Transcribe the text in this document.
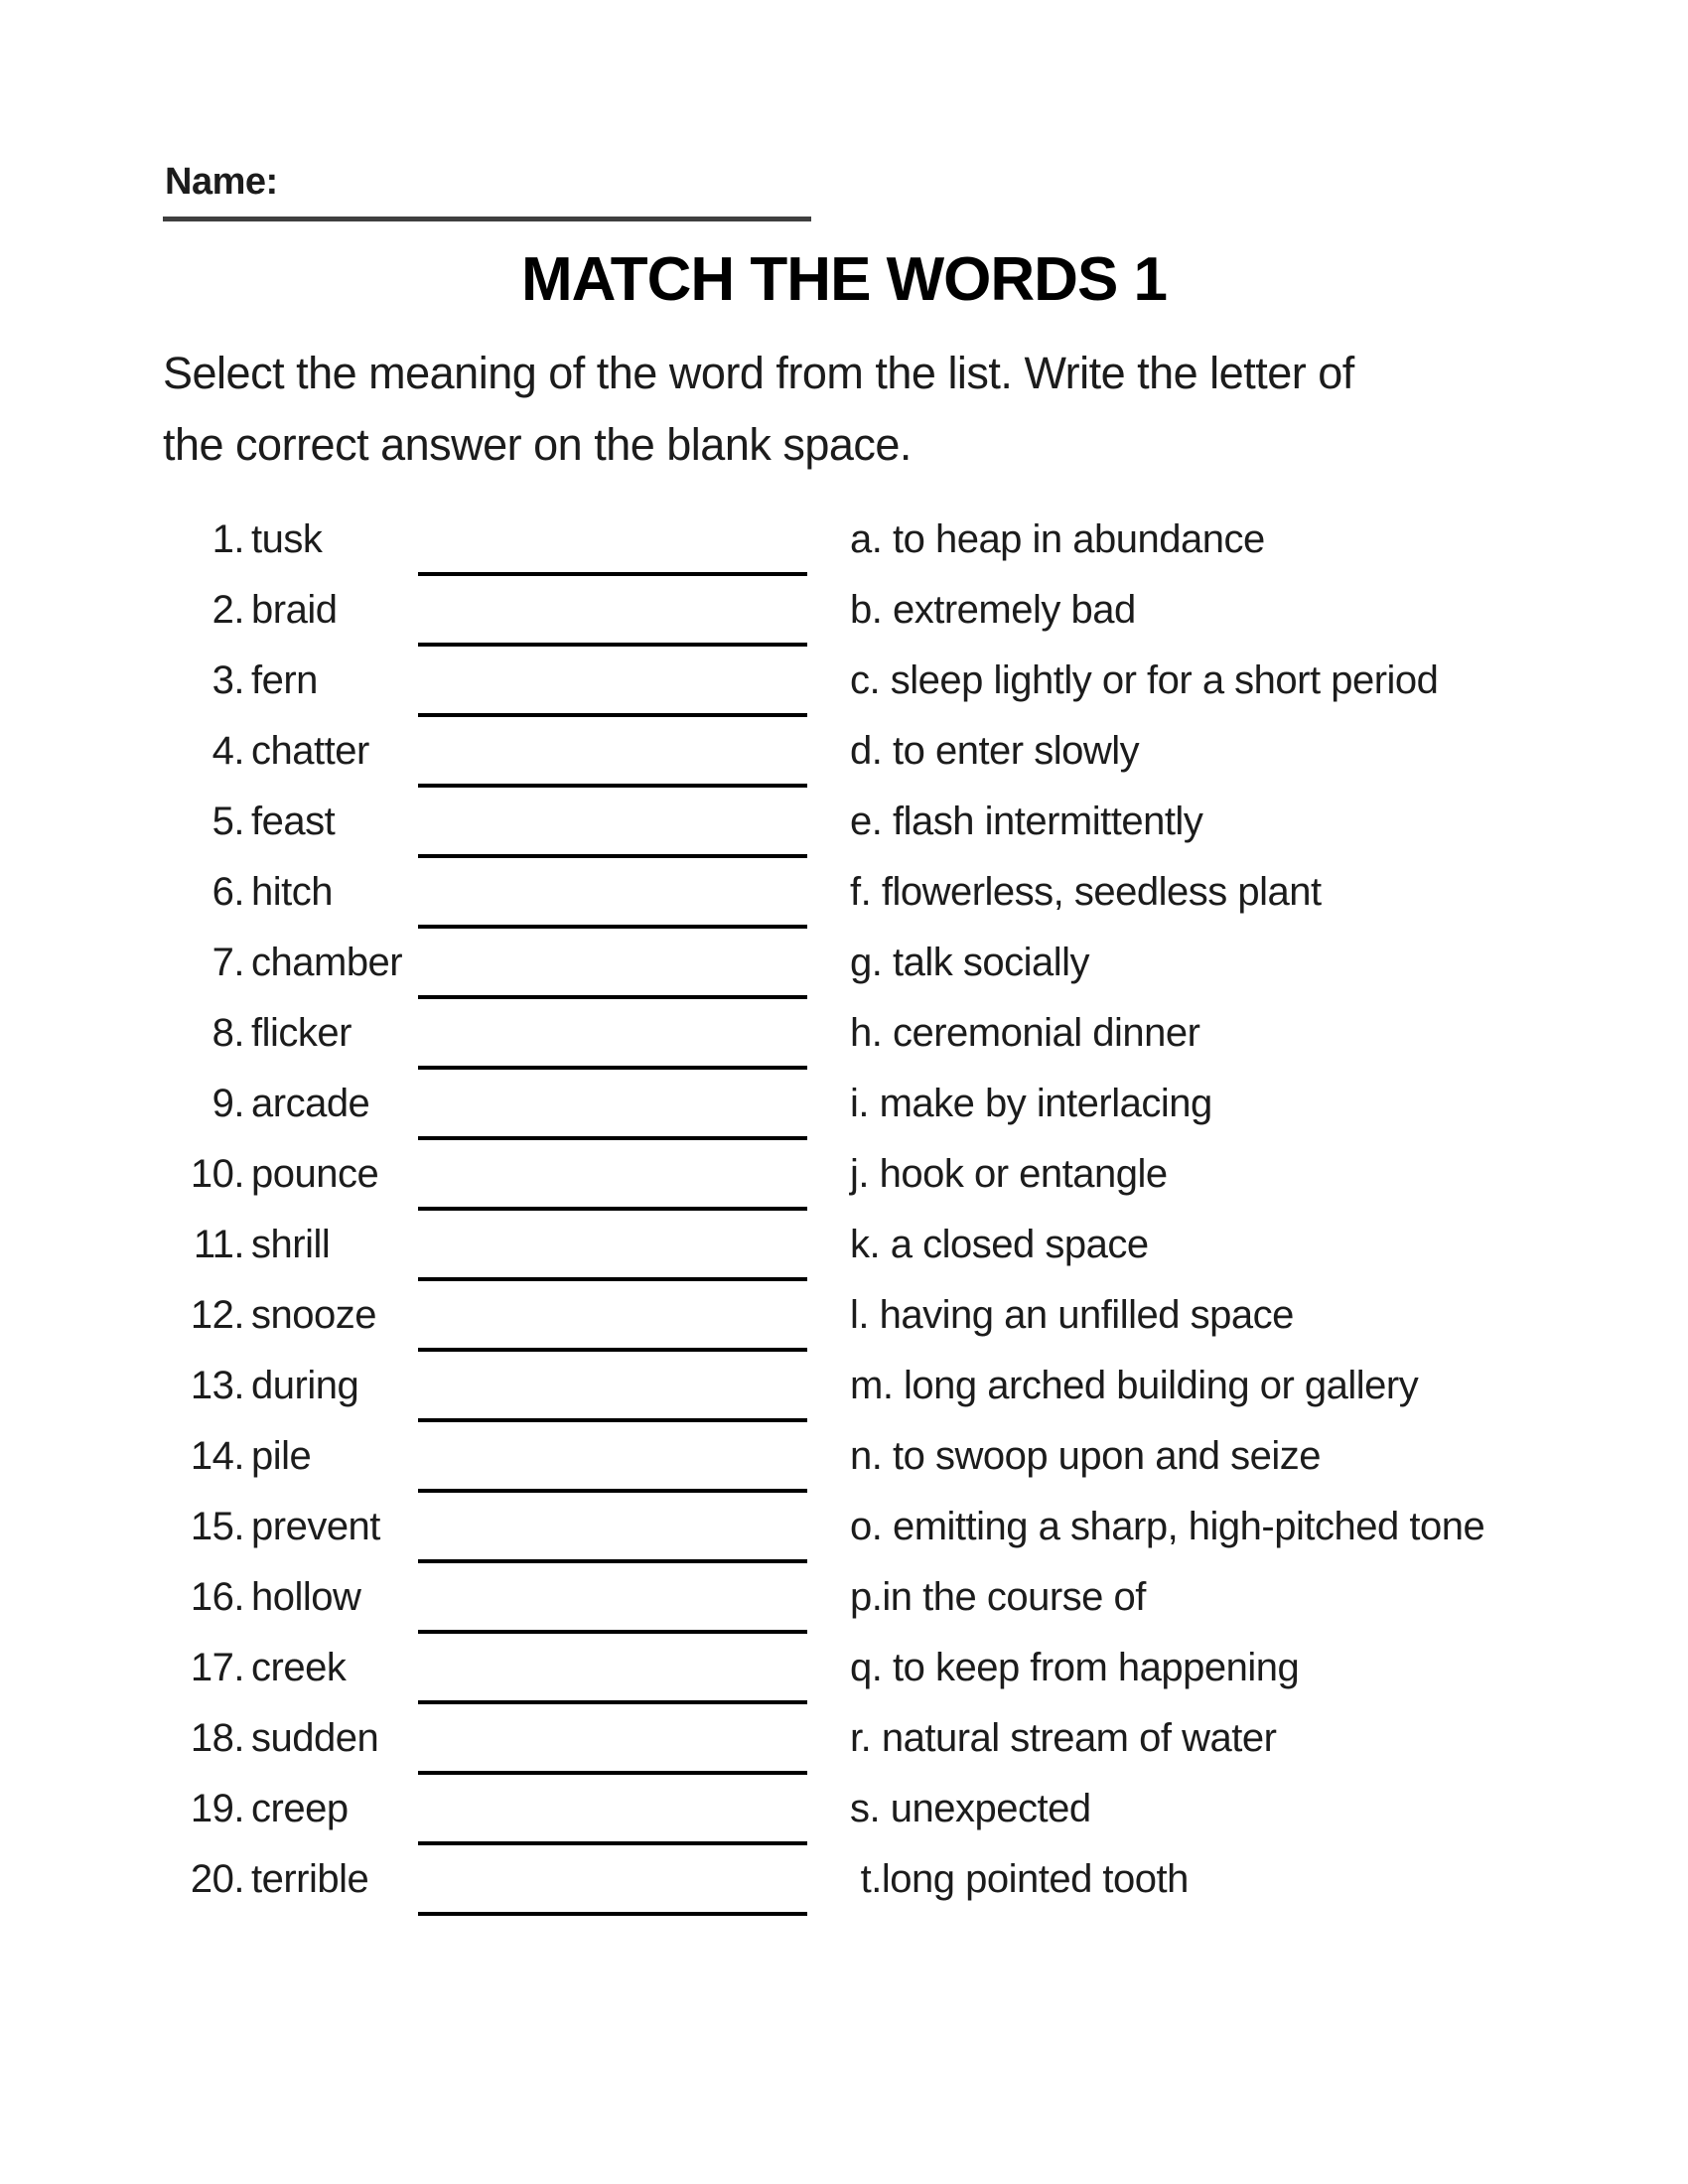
Name:
MATCH THE WORDS 1

Select the meaning of the word from the list. Write the letter of
the correct answer on the blank space.

1. tusk	a. to heap in abundance
2. braid	b. extremely bad
3. fern	c. sleep lightly or for a short period
4. chatter	d. to enter slowly
5. feast	e. flash intermittently
6. hitch	f. flowerless, seedless plant
7. chamber	g. talk socially
8. flicker	h. ceremonial dinner
9. arcade	i. make by interlacing
10. pounce	j. hook or entangle
11. shrill	k. a closed space
12. snooze	l. having an unfilled space
13. during	m. long arched building or gallery
14. pile	n. to swoop upon and seize
15. prevent	o. emitting a sharp, high-pitched tone
16. hollow	p.in the course of
17. creek	q. to keep from happening
18. sudden	r. natural stream of water
19. creep	s. unexpected
20. terrible	t.long pointed tooth
